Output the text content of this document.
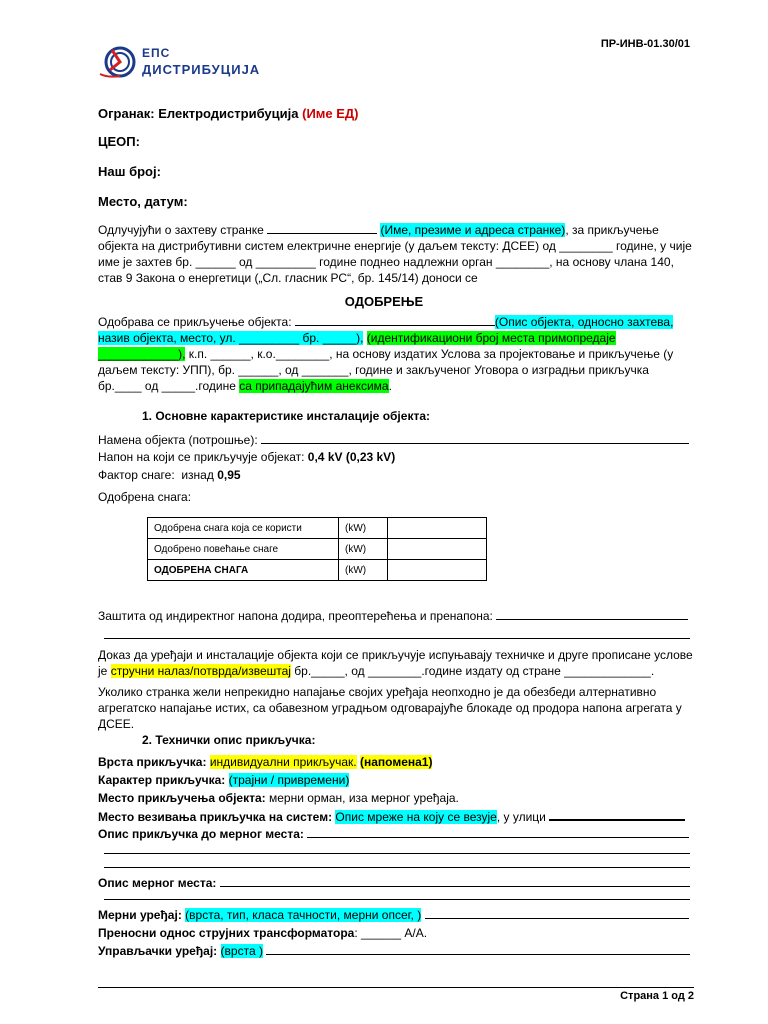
ЕПС
ДИСТРИБУЦИЈА
ПР-ИНВ-01.30/01
Огранак: Електродистрибуција (Име ЕД)
ЦЕОП:
Наш број:
Место, датум:
Одлучујући о захтеву странке	(Име, презиме и адреса странке), за прикључење
објекта на дистрибутивни систем електричне енергије (у даљем тексту: ДСЕЕ) од ________ године, у чије
име је захтев бр. ______ од _________ године поднео надлежни орган ________, на основу члана 140,
став 9 Закона о енергетици („Сл. гласник РС“, бр. 145/14) доноси се
ОДОБРЕЊЕ
Одобрава се прикључење објекта:	(Опис објекта, односно захтева,
назив објекта, место, ул. _________ бр. _____), (идентификациони број места примопредаје
____________), к.п. ______, к.о.________, на основу издатих Услова за пројектовање и прикључење (у
даљем тексту: УПП), бр. ______, од _______, године и закљученог Уговора о изградњи прикључка
бр.____ од _____.године са припадајућим анексима.
1. Основне карактеристике инсталације објекта:
Намена објекта (потрошње):
Напон на који се прикључује објекат: 0,4 kV (0,23 kV)
Фактор снаге: изнад 0,95
Одобрена снага:
Одобрена снага која се користи	(kW)	
Одобрено повећање снаге	(kW)	
ОДОБРЕНА СНАГА	(kW)	
Заштита од индиректног напона додира, преоптерећења и пренапона:
Доказ да уређаји и инсталације објекта који се прикључује испуњавају техничке и друге прописане услове
је стручни налаз/потврда/извештај бр._____, од ________.године издату од стране _____________.
Уколико странка жели непрекидно напајање својих уређаја неопходно је да обезбеди алтернативно
агрегатско напајање истих, са обавезном уградњом одговарајуће блокаде од продора напона агрегата у
ДСЕЕ.
2. Технички опис прикључка:
Врста прикључка: индивидуални прикључак. (напомена1)
Карактер прикључка: (трајни / привремени)
Место прикључења објекта: мерни орман, иза мерног уређаја.
Место везивања прикључка на систем: Опис мреже на коју се везује, у улици
Опис прикључка до мерног места:
Опис мерног места:
Мерни уређај: (врста, тип, класа тачности, мерни опсег, )
Преносни однос струјних трансформатора: ______ А/А.
Управљачки уређај: (врста )
Страна 1 од 2
